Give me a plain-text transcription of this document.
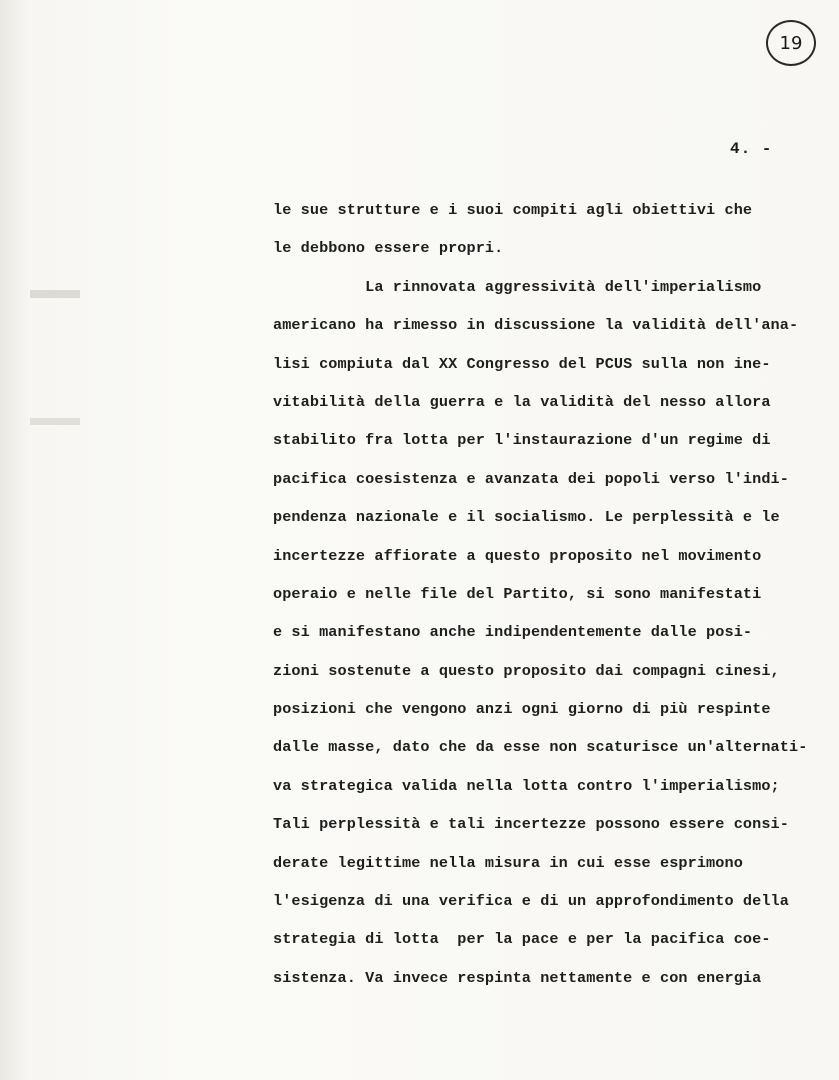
19
4. -
le sue strutture e i suoi compiti agli obiettivi che
le debbono essere propri.
La rinnovata aggressività dell'imperialismo
americano ha rimesso in discussione la validità dell'ana-
lisi compiuta dal XX Congresso del PCUS sulla non ine-
vitabilità della guerra e la validità del nesso allora
stabilito fra lotta per l'instaurazione d'un regime di
pacifica coesistenza e avanzata dei popoli verso l'indi-
pendenza nazionale e il socialismo. Le perplessità e le
incertezze affiorate a questo proposito nel movimento
operaio e nelle file del Partito, si sono manifestati
e si manifestano anche indipendentemente dalle posi-
zioni sostenute a questo proposito dai compagni cinesi,
posizioni che vengono anzi ogni giorno di più respinte
dalle masse, dato che da esse non scaturisce un'alternati-
va strategica valida nella lotta contro l'imperialismo;
Tali perplessità e tali incertezze possono essere consi-
derate legittime nella misura in cui esse esprimono
l'esigenza di una verifica e di un approfondimento della
strategia di lotta  per la pace e per la pacifica coe-
sistenza. Va invece respinta nettamente e con energia
